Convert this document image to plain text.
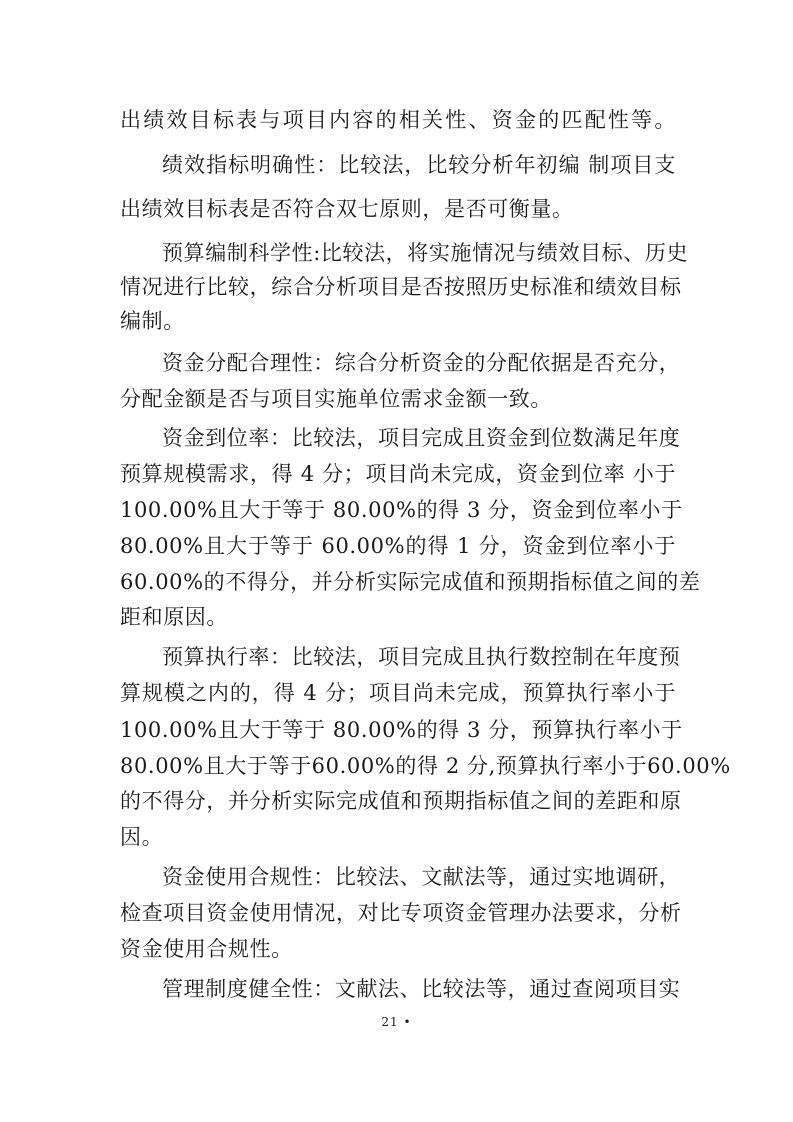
出绩效目标表与项目内容的相关性、资金的匹配性等。
绩效指标明确性：比较法，比较分析年初编 制项目支
出绩效目标表是否符合双七原则，是否可衡量。
预算编制科学性:比较法，将实施情况与绩效目标、历史
情况进行比较，综合分析项目是否按照历史标准和绩效目标
编制。
资金分配合理性：综合分析资金的分配依据是否充分，
分配金额是否与项目实施单位需求金额一致。
资金到位率：比较法，项目完成且资金到位数满足年度
预算规模需求，得 4 分；项目尚未完成，资金到位率 小于
100.00%且大于等于 80.00%的得 3 分，资金到位率小于
80.00%且大于等于 60.00%的得 1 分，资金到位率小于
60.00%的不得分，并分析实际完成值和预期指标值之间的差
距和原因。
预算执行率：比较法，项目完成且执行数控制在年度预
算规模之内的，得 4 分；项目尚未完成，预算执行率小于
100.00%且大于等于 80.00%的得 3 分，预算执行率小于
80.00%且大于等于60.00%的得 2 分,预算执行率小于60.00%
的不得分，并分析实际完成值和预期指标值之间的差距和原
因。
资金使用合规性：比较法、文献法等，通过实地调研，
检查项目资金使用情况，对比专项资金管理办法要求，分析
资金使用合规性。
管理制度健全性：文献法、比较法等，通过查阅项目实
21 •
